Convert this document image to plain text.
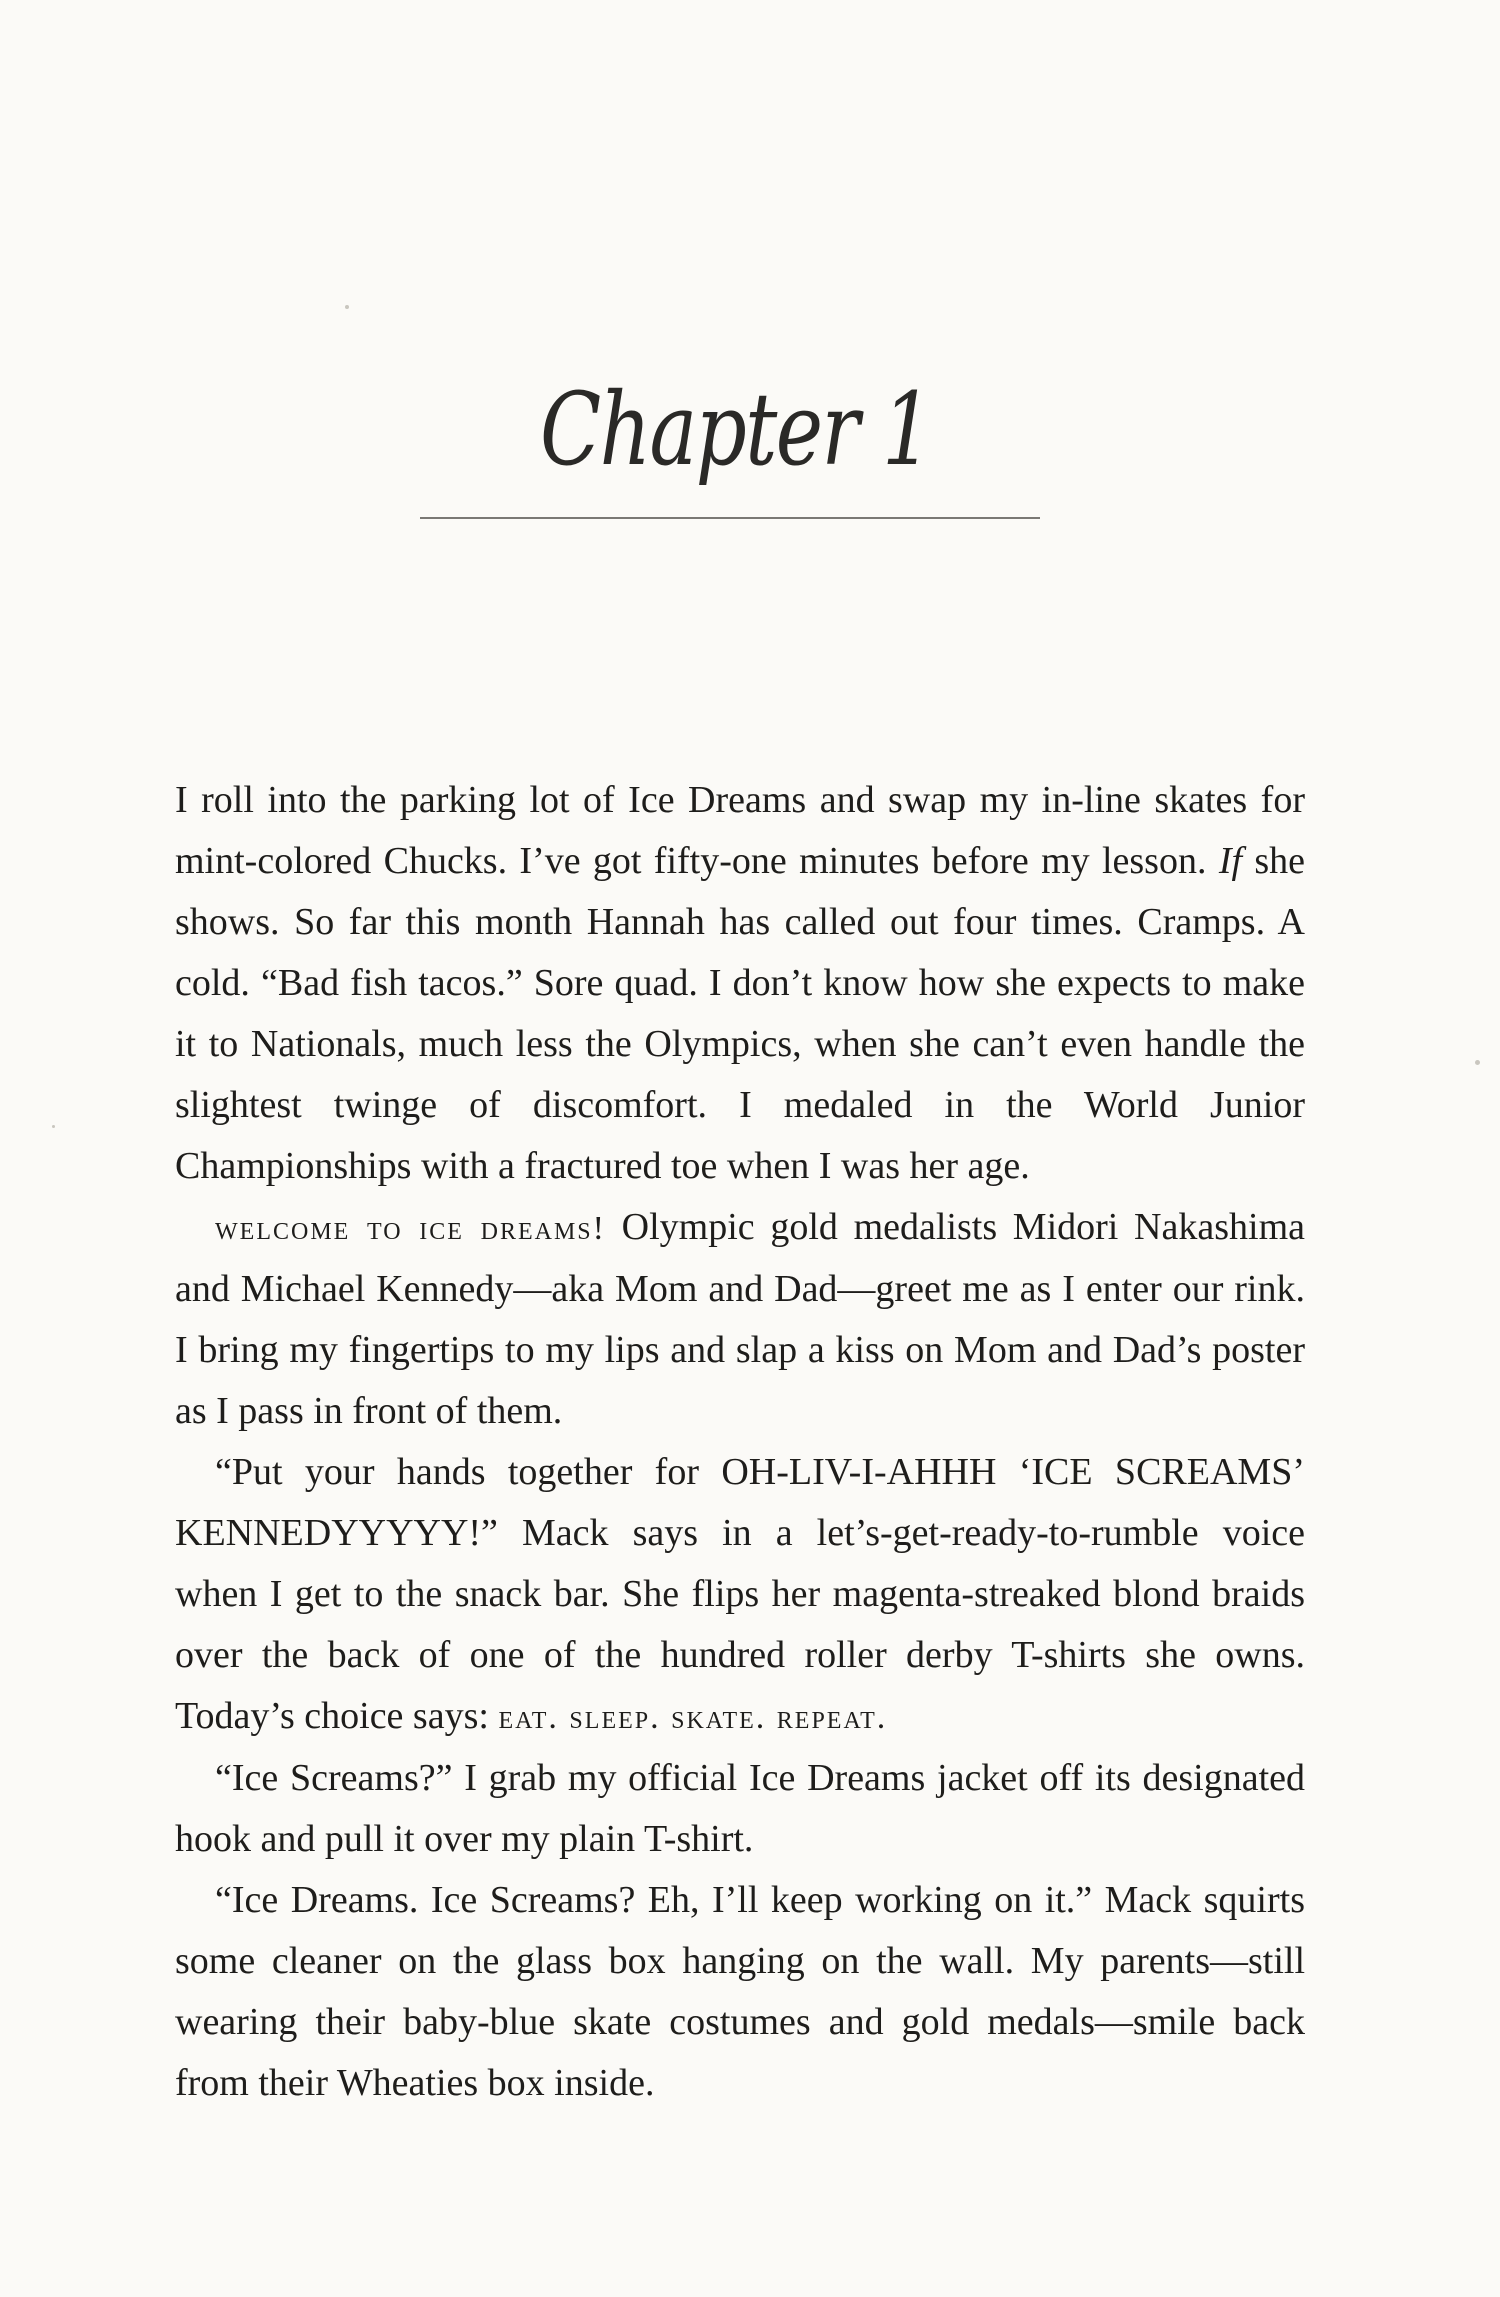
Chapter 1

I roll into the parking lot of Ice Dreams and swap my in-line skates for mint-colored Chucks. I’ve got fifty-one minutes before my lesson. If she shows. So far this month Hannah has called out four times. Cramps. A cold. “Bad fish tacos.” Sore quad. I don’t know how she expects to make it to Nationals, much less the Olympics, when she can’t even handle the slightest twinge of discomfort. I medaled in the World Junior Championships with a fractured toe when I was her age.

welcome to ice dreams! Olympic gold medalists Midori Nakashima and Michael Kennedy—aka Mom and Dad—greet me as I enter our rink. I bring my fingertips to my lips and slap a kiss on Mom and Dad’s poster as I pass in front of them.

“Put your hands together for OH-LIV-I-AHHH ‘ICE SCREAMS’ KENNEDYYYYY!” Mack says in a let’s-get-ready-to-rumble voice when I get to the snack bar. She flips her magenta-streaked blond braids over the back of one of the hundred roller derby T-shirts she owns. Today’s choice says: eat. sleep. skate. repeat.

“Ice Screams?” I grab my official Ice Dreams jacket off its designated hook and pull it over my plain T-shirt.

“Ice Dreams. Ice Screams? Eh, I’ll keep working on it.” Mack squirts some cleaner on the glass box hanging on the wall. My parents—still wearing their baby-blue skate costumes and gold medals—smile back from their Wheaties box inside.
